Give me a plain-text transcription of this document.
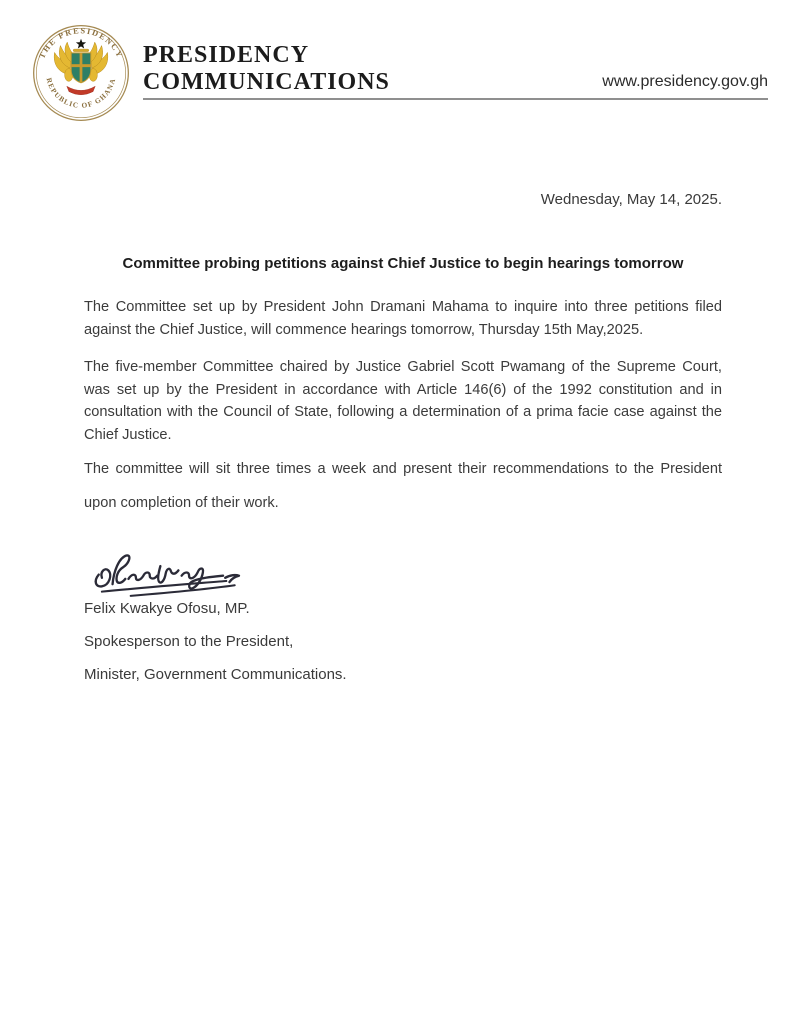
THE PRESIDENCY
REPUBLIC OF GHANA
PRESIDENCY
COMMUNICATIONS	www.presidency.gov.gh
Wednesday, May 14, 2025.
Committee probing petitions against Chief Justice to begin hearings tomorrow

The Committee set up by President John Dramani Mahama to inquire into three petitions filed against the Chief Justice, will commence hearings tomorrow, Thursday 15th May,2025.

The five-member Committee chaired by Justice Gabriel Scott Pwamang of the Supreme Court, was set up by the President in accordance with Article 146(6) of the 1992 constitution and in consultation with the Council of State, following a determination of a prima facie case against the Chief Justice.

The committee will sit three times a week and present their recommendations to the President upon completion of their work.

Felix Kwakye Ofosu, MP.
Spokesperson to the President,
Minister, Government Communications.
